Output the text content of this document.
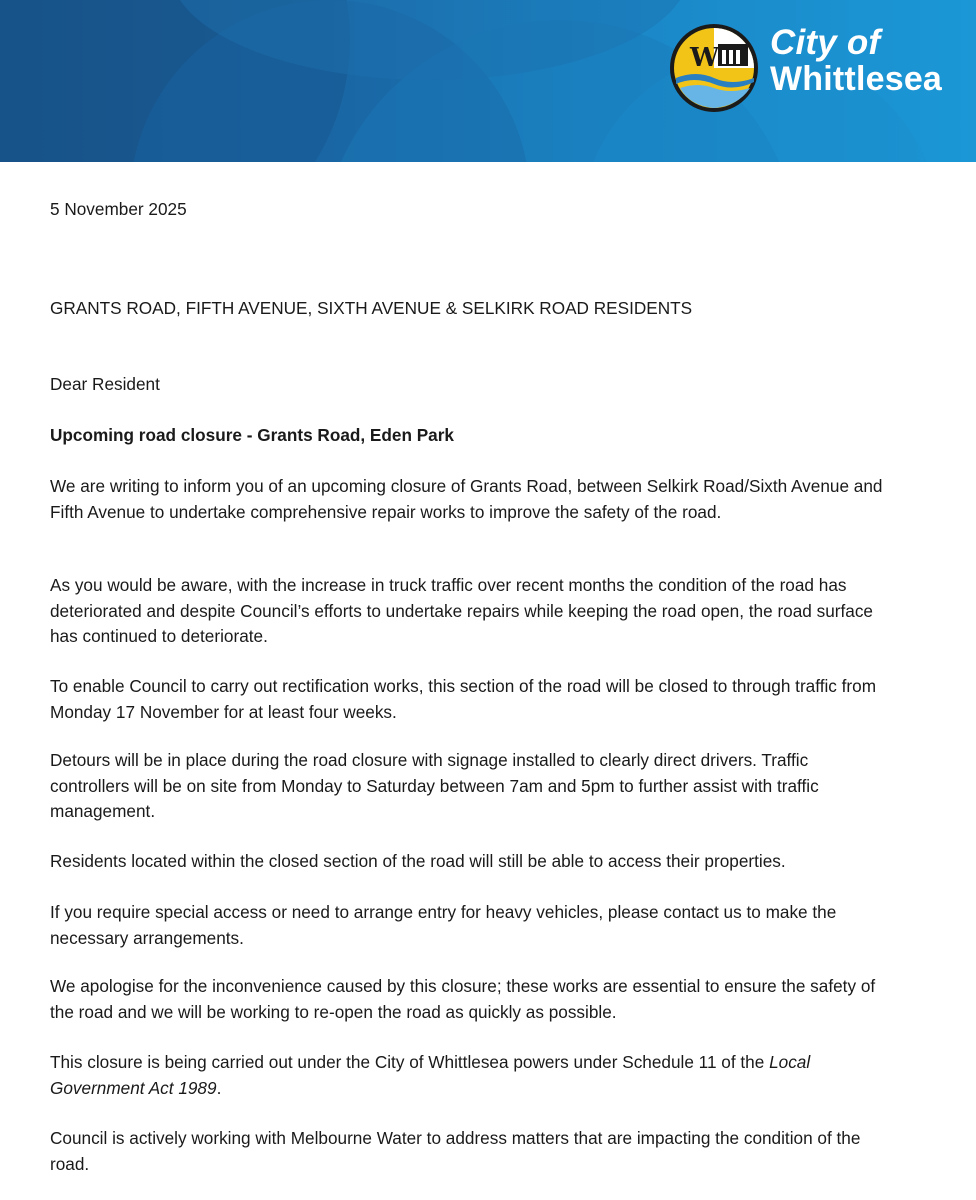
W City of
Whittlesea

5 November 2025

GRANTS ROAD, FIFTH AVENUE, SIXTH AVENUE & SELKIRK ROAD RESIDENTS

Dear Resident

Upcoming road closure - Grants Road, Eden Park

We are writing to inform you of an upcoming closure of Grants Road, between Selkirk Road/Sixth Avenue and Fifth Avenue to undertake comprehensive repair works to improve the safety of the road.

As you would be aware, with the increase in truck traffic over recent months the condition of the road has deteriorated and despite Council’s efforts to undertake repairs while keeping the road open, the road surface has continued to deteriorate.

To enable Council to carry out rectification works, this section of the road will be closed to through traffic from Monday 17 November for at least four weeks.

Detours will be in place during the road closure with signage installed to clearly direct drivers. Traffic controllers will be on site from Monday to Saturday between 7am and 5pm to further assist with traffic management.

Residents located within the closed section of the road will still be able to access their properties.

If you require special access or need to arrange entry for heavy vehicles, please contact us to make the necessary arrangements.

We apologise for the inconvenience caused by this closure; these works are essential to ensure the safety of the road and we will be working to re-open the road as quickly as possible.

This closure is being carried out under the City of Whittlesea powers under Schedule 11 of the Local Government Act 1989.

Council is actively working with Melbourne Water to address matters that are impacting the condition of the road.
